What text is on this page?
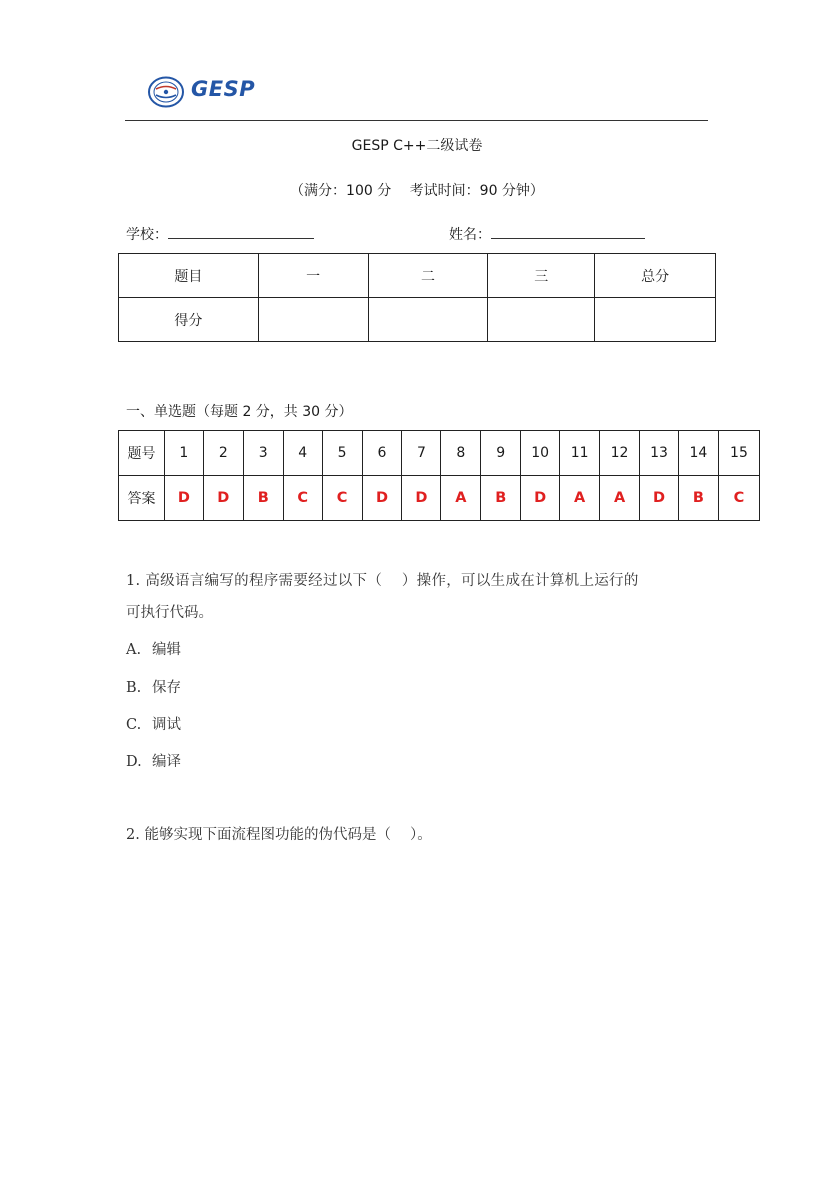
GESP
GESP C++二级试卷
（满分：100 分　 考试时间：90 分钟）
学校：	姓名：
题目	一	二	三	总分
得分				
一、单选题（每题 2 分，共 30 分）
题号	1	2	3	4	5	6	7	8	9	10	11	12	13	14	15
答案	D	D	B	C	C	D	D	A	B	D	A	A	D	B	C
1. 高级语言编写的程序需要经过以下（　 ）操作，可以生成在计算机上运行的
可执行代码。
A. 编辑
B. 保存
C. 调试
D. 编译
2. 能够实现下面流程图功能的伪代码是（　 ）。
